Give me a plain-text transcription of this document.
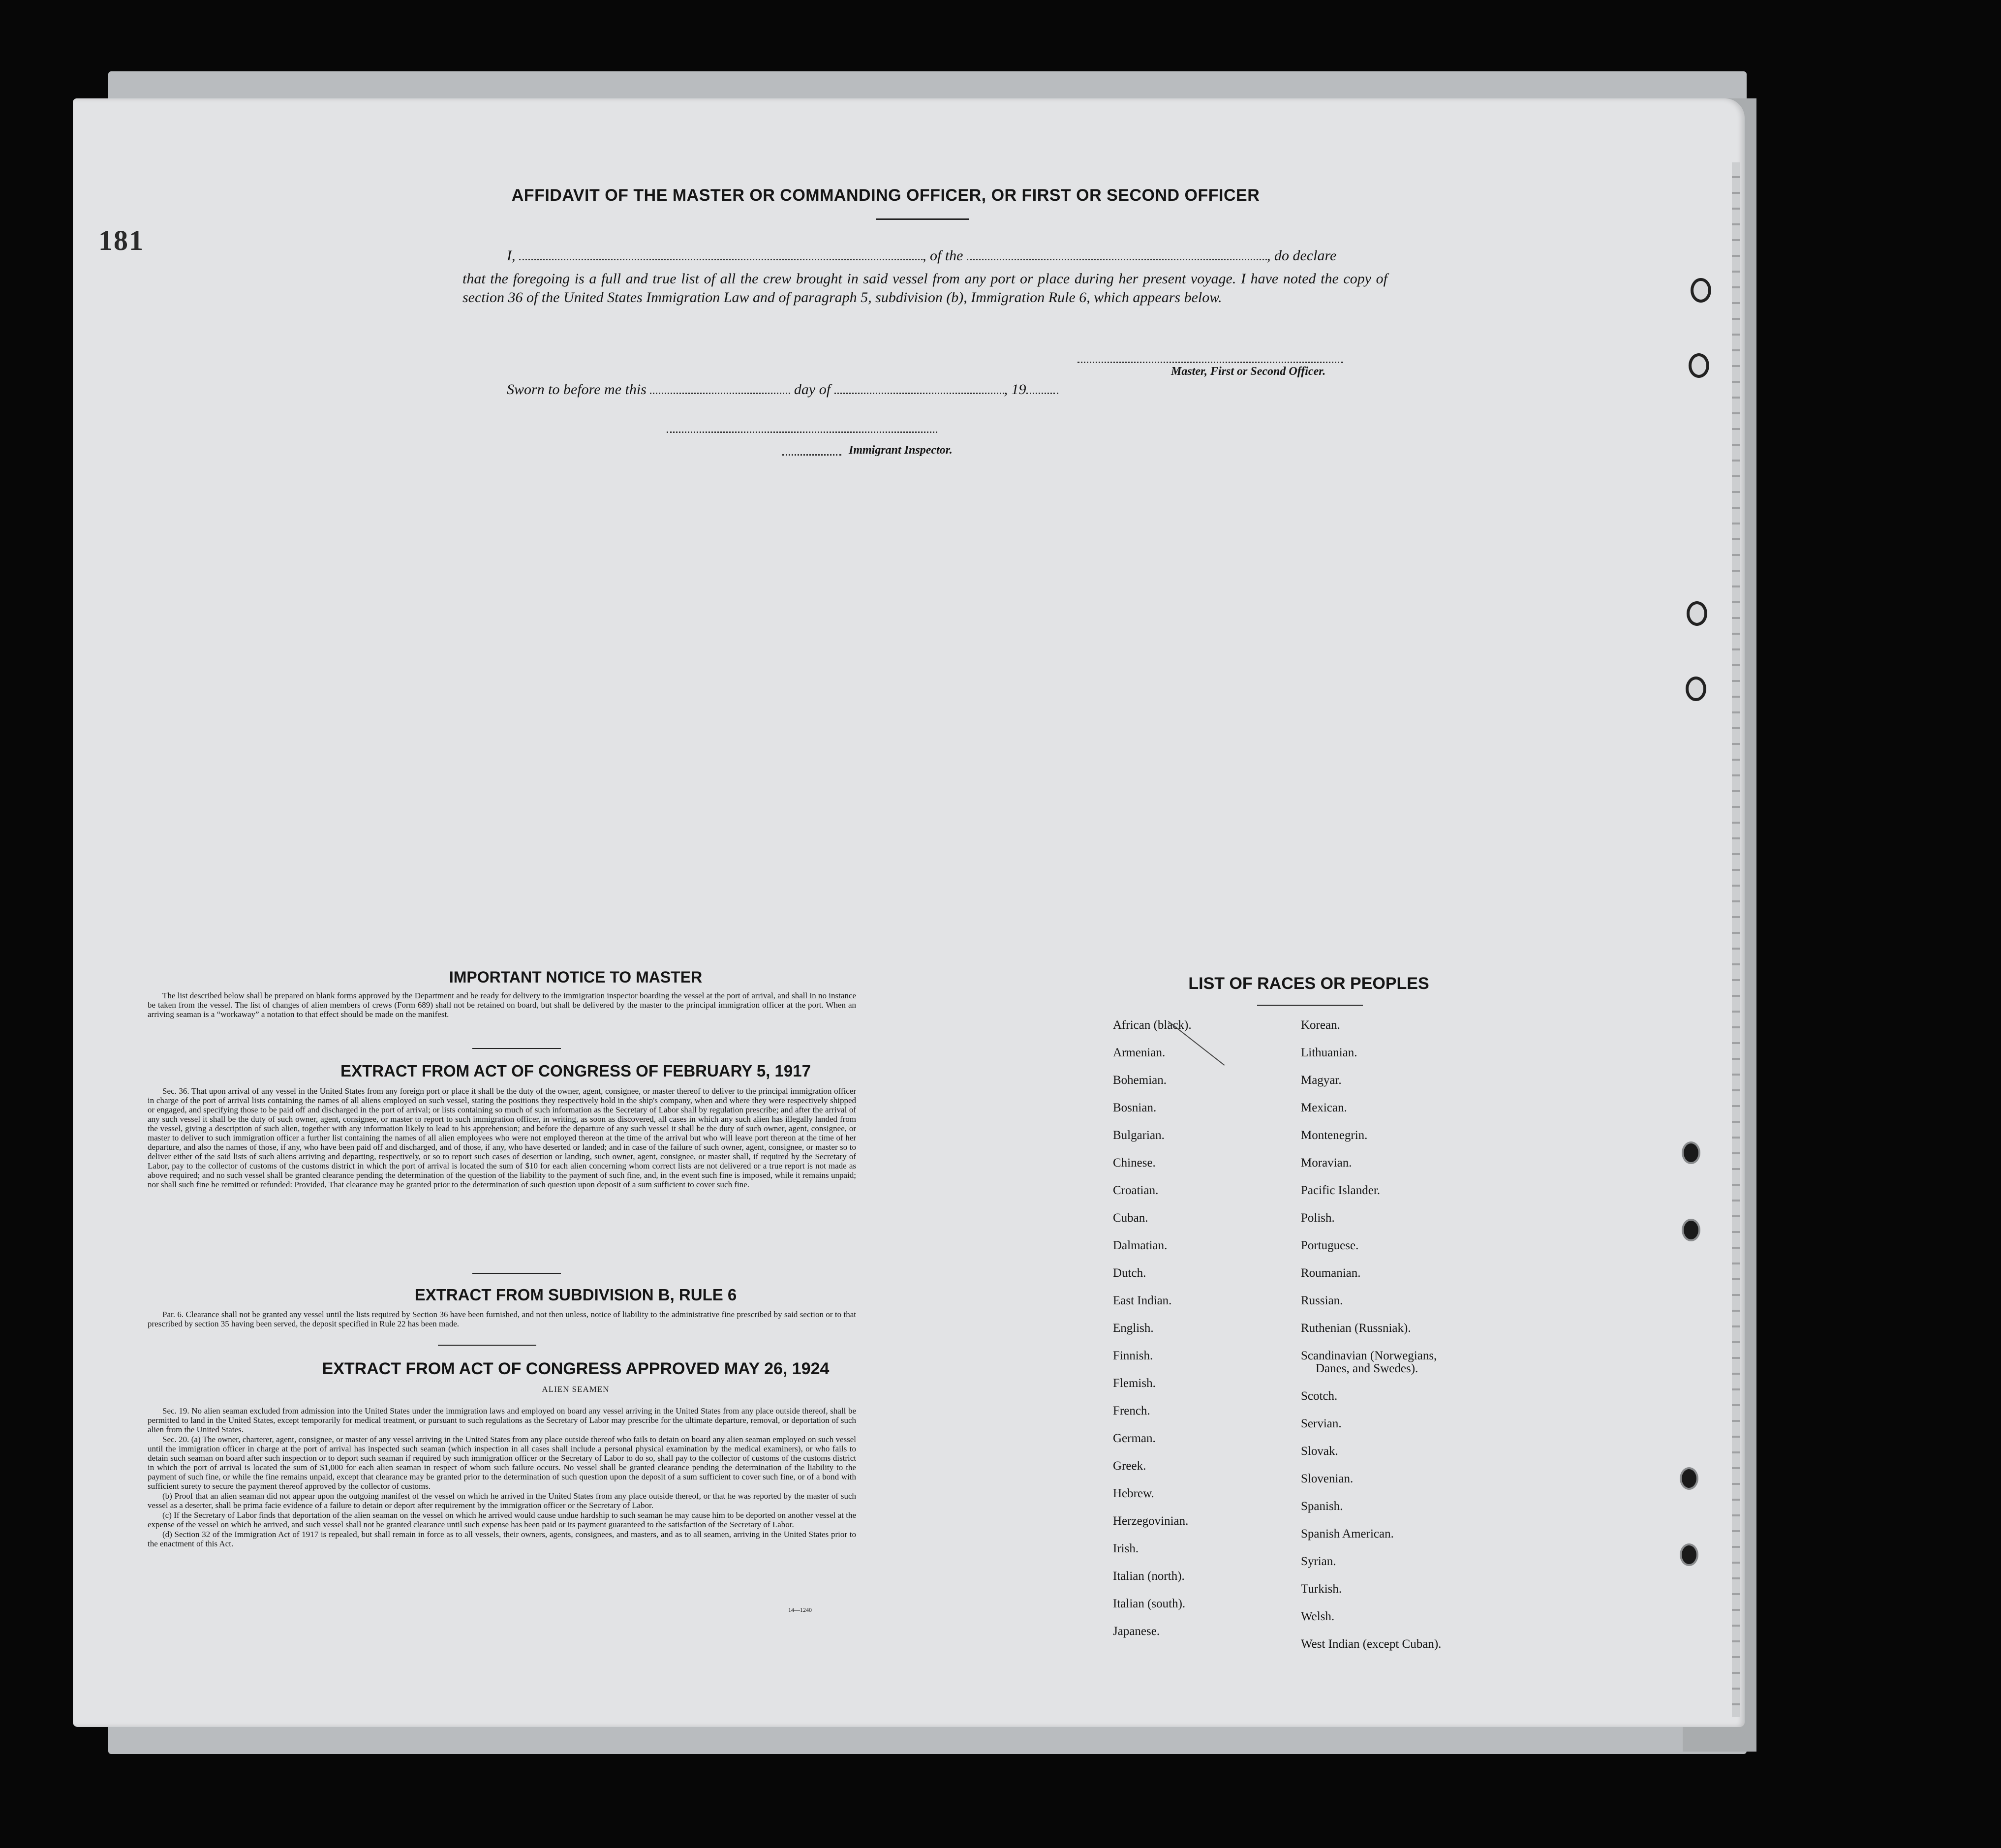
181
AFFIDAVIT OF THE MASTER OR COMMANDING OFFICER, OR FIRST OR SECOND OFFICER
I,	, of the	, do declare
that the foregoing is a full and true list of all the crew brought in said vessel from any port or place during her present voyage. I have noted the copy of section 36 of the United States Immigration Law and of paragraph 5, subdivision (b), Immigration Rule 6, which appears below.
Master, First or Second Officer.
Sworn to before me this	day of	, 19
Immigrant Inspector.
IMPORTANT NOTICE TO MASTER

The list described below shall be prepared on blank forms approved by the Department and be ready for delivery to the immigration inspector boarding the vessel at the port of arrival, and shall in no instance be taken from the vessel. The list of changes of alien members of crews (Form 689) shall not be retained on board, but shall be delivered by the master to the principal immigration officer at the port. When an arriving seaman is a “workaway” a notation to that effect should be made on the manifest.

EXTRACT FROM ACT OF CONGRESS OF FEBRUARY 5, 1917

Sec. 36. That upon arrival of any vessel in the United States from any foreign port or place it shall be the duty of the owner, agent, consignee, or master thereof to deliver to the principal immigration officer in charge of the port of arrival lists containing the names of all aliens employed on such vessel, stating the positions they respectively hold in the ship's company, when and where they were respectively shipped or engaged, and specifying those to be paid off and discharged in the port of arrival; or lists containing so much of such information as the Secretary of Labor shall by regulation prescribe; and after the arrival of any such vessel it shall be the duty of such owner, agent, consignee, or master to report to such immigration officer, in writing, as soon as discovered, all cases in which any such alien has illegally landed from the vessel, giving a description of such alien, together with any information likely to lead to his apprehension; and before the departure of any such vessel it shall be the duty of such owner, agent, consignee, or master to deliver to such immigration officer a further list containing the names of all alien employees who were not employed thereon at the time of the arrival but who will leave port thereon at the time of her departure, and also the names of those, if any, who have been paid off and discharged, and of those, if any, who have deserted or landed; and in case of the failure of such owner, agent, consignee, or master so to deliver either of the said lists of such aliens arriving and departing, respectively, or so to report such cases of desertion or landing, such owner, agent, consignee, or master shall, if required by the Secretary of Labor, pay to the collector of customs of the customs district in which the port of arrival is located the sum of $10 for each alien concerning whom correct lists are not delivered or a true report is not made as above required; and no such vessel shall be granted clearance pending the determination of the question of the liability to the payment of such fine, and, in the event such fine is imposed, while it remains unpaid; nor shall such fine be remitted or refunded: Provided, That clearance may be granted prior to the determination of such question upon deposit of a sum sufficient to cover such fine.

EXTRACT FROM SUBDIVISION B, RULE 6

Par. 6. Clearance shall not be granted any vessel until the lists required by Section 36 have been furnished, and not then unless, notice of liability to the administrative fine prescribed by said section or to that prescribed by section 35 having been served, the deposit specified in Rule 22 has been made.

EXTRACT FROM ACT OF CONGRESS APPROVED MAY 26, 1924
ALIEN SEAMEN

Sec. 19. No alien seaman excluded from admission into the United States under the immigration laws and employed on board any vessel arriving in the United States from any place outside thereof, shall be permitted to land in the United States, except temporarily for medical treatment, or pursuant to such regulations as the Secretary of Labor may prescribe for the ultimate departure, removal, or deportation of such alien from the United States.

Sec. 20. (a) The owner, charterer, agent, consignee, or master of any vessel arriving in the United States from any place outside thereof who fails to detain on board any alien seaman employed on such vessel until the immigration officer in charge at the port of arrival has inspected such seaman (which inspection in all cases shall include a personal physical examination by the medical examiners), or who fails to detain such seaman on board after such inspection or to deport such seaman if required by such immigration officer or the Secretary of Labor to do so, shall pay to the collector of customs of the customs district in which the port of arrival is located the sum of $1,000 for each alien seaman in respect of whom such failure occurs. No vessel shall be granted clearance pending the determination of the liability to the payment of such fine, or while the fine remains unpaid, except that clearance may be granted prior to the determination of such question upon the deposit of a sum sufficient to cover such fine, or of a bond with sufficient surety to secure the payment thereof approved by the collector of customs.

(b) Proof that an alien seaman did not appear upon the outgoing manifest of the vessel on which he arrived in the United States from any place outside thereof, or that he was reported by the master of such vessel as a deserter, shall be prima facie evidence of a failure to detain or deport after requirement by the immigration officer or the Secretary of Labor.

(c) If the Secretary of Labor finds that deportation of the alien seaman on the vessel on which he arrived would cause undue hardship to such seaman he may cause him to be deported on another vessel at the expense of the vessel on which he arrived, and such vessel shall not be granted clearance until such expense has been paid or its payment guaranteed to the satisfaction of the Secretary of Labor.

(d) Section 32 of the Immigration Act of 1917 is repealed, but shall remain in force as to all vessels, their owners, agents, consignees, and masters, and as to all seamen, arriving in the United States prior to the enactment of this Act.

14—1240
LIST OF RACES OR PEOPLES
African (black).
Armenian.
Bohemian.
Bosnian.
Bulgarian.
Chinese.
Croatian.
Cuban.
Dalmatian.
Dutch.
East Indian.
English.
Finnish.
Flemish.
French.
German.
Greek.
Hebrew.
Herzegovinian.
Irish.
Italian (north).
Italian (south).
Japanese.
Korean.
Lithuanian.
Magyar.
Mexican.
Montenegrin.
Moravian.
Pacific Islander.
Polish.
Portuguese.
Roumanian.
Russian.
Ruthenian (Russniak).
Scandinavian (Norwegians,
Danes, and Swedes).
Scotch.
Servian.
Slovak.
Slovenian.
Spanish.
Spanish American.
Syrian.
Turkish.
Welsh.
West Indian (except Cuban).
